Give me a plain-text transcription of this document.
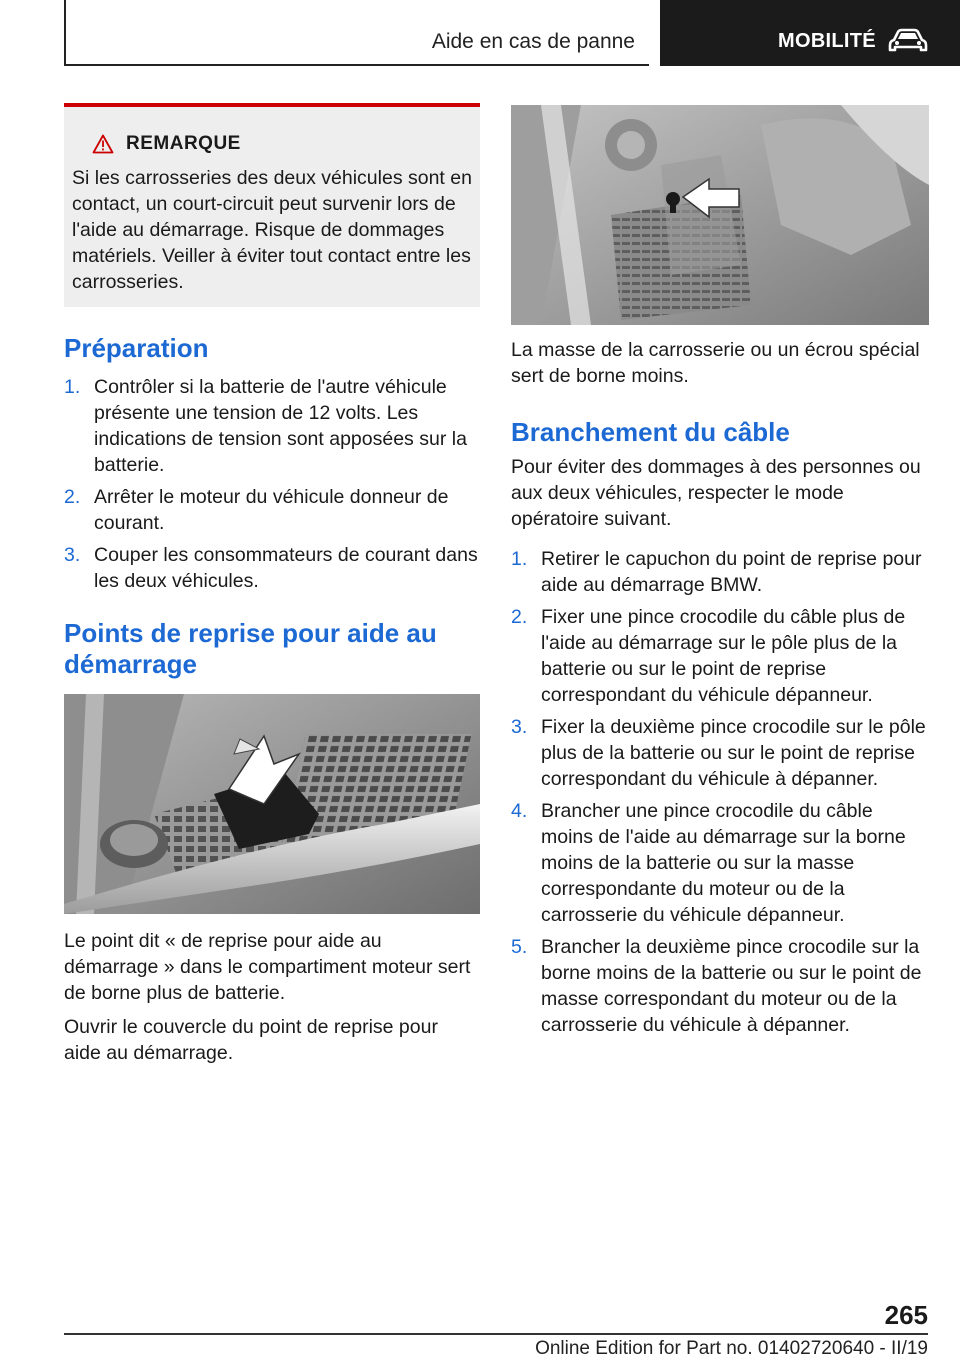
Aide en cas de panne	MOBILITÉ
REMARQUE

Si les carrosseries des deux véhicules sont en contact, un court-circuit peut survenir lors de l'aide au démarrage. Risque de dommages matériels. Veiller à éviter tout contact entre les carrosseries.

Préparation
1. Contrôler si la batterie de l'autre véhicule présente une tension de 12 volts. Les indications de tension sont apposées sur la batterie.
2. Arrêter le moteur du véhicule donneur de courant.
3. Couper les consommateurs de courant dans les deux véhicules.
Points de reprise pour aide au démarrage

Le point dit « de reprise pour aide au démarrage » dans le compartiment moteur sert de borne plus de batterie.

Ouvrir le couvercle du point de reprise pour aide au démarrage.

La masse de la carrosserie ou un écrou spécial sert de borne moins.

Branchement du câble

Pour éviter des dommages à des personnes ou aux deux véhicules, respecter le mode opératoire suivant.

1. Retirer le capuchon du point de reprise pour aide au démarrage BMW.
2. Fixer une pince crocodile du câble plus de l'aide au démarrage sur le pôle plus de la batterie ou sur le point de reprise correspondant du véhicule dépanneur.
3. Fixer la deuxième pince crocodile sur le pôle plus de la batterie ou sur le point de reprise correspondant du véhicule à dépanner.
4. Brancher une pince crocodile du câble moins de l'aide au démarrage sur la borne moins de la batterie ou sur la masse correspondante du moteur ou de la carrosserie du véhicule dépanneur.
5. Brancher la deuxième pince crocodile sur la borne moins de la batterie ou sur le point de masse correspondant du moteur ou de la carrosserie du véhicule à dépanner.
265
Online Edition for Part no. 01402720640 - II/19
